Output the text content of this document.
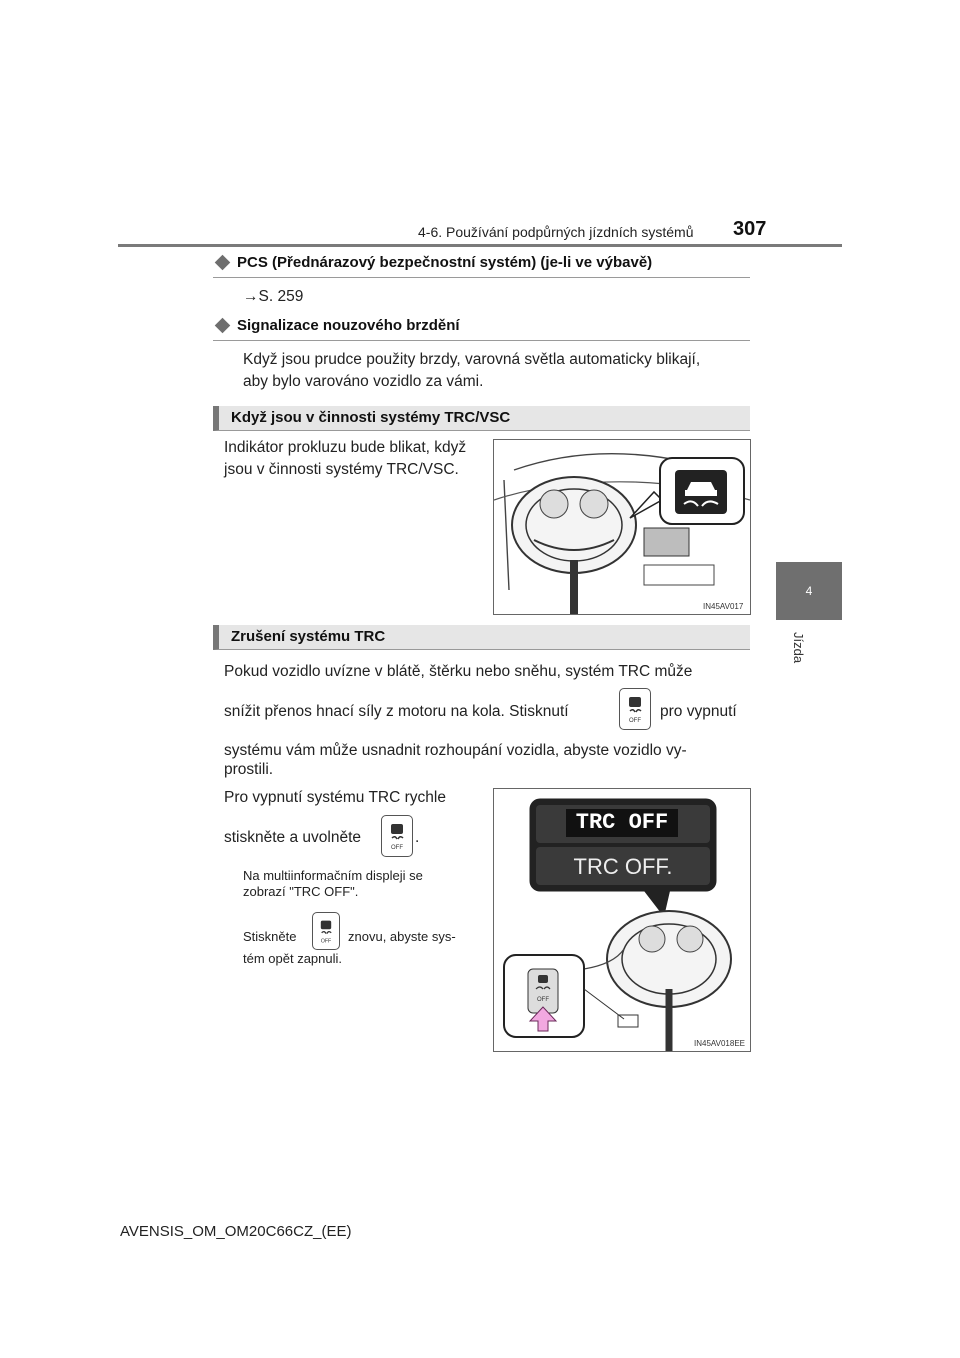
4-6. Používání podpůrných jízdních systémů 307
4
Jízda
PCS (Přednárazový bezpečnostní systém) (je-li ve výbavě)
→S. 259
Signalizace nouzového brzdění
Když jsou prudce použity brzdy, varovná světla automaticky blikají,
aby bylo varováno vozidlo za vámi.
Když jsou v činnosti systémy TRC/VSC
Indikátor prokluzu bude blikat, když
jsou v činnosti systémy TRC/VSC.
IN45AV017
Zrušení systému TRC
Pokud vozidlo uvízne v blátě, štěrku nebo sněhu, systém TRC může
snížit přenos hnací síly z motoru na kola. Stisknutí
OFF
pro vypnutí
systému vám může usnadnit rozhoupání vozidla, abyste vozidlo vy-
prostili.
Pro vypnutí systému TRC rychle
stiskněte a uvolněte
OFF
.
Na multiinformačním displeji se
zobrazí "TRC OFF".
Stiskněte	OFF znovu, abyste sys-
tém opět zapnuli.
OFF
TRC OFF
TRC OFF.
IN45AV018EE
AVENSIS_OM_OM20C66CZ_(EE)
